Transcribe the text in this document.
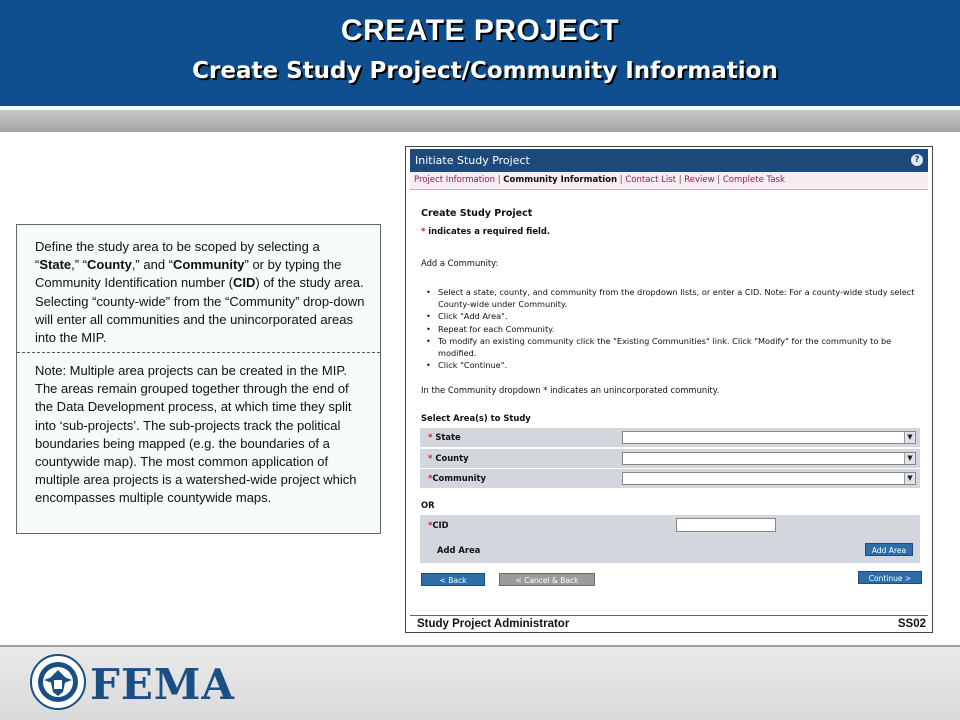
CREATE PROJECT
Create Study Project/Community Information
Define the study area to be scoped by selecting a “State,” “County,” and “Community” or by typing the Community Identification number (CID) of the study area. Selecting “county-wide” from the “Community” drop-down will enter all communities and the unincorporated areas into the MIP.
Note: Multiple area projects can be created in the MIP. The areas remain grouped together through the end of the Data Development process, at which time they split into ‘sub-projects’. The sub-projects track the political boundaries being mapped (e.g. the boundaries of a countywide map). The most common application of multiple area projects is a watershed-wide project which encompasses multiple countywide maps.
Initiate Study Project	?
Project Information | Community Information | Contact List | Review | Complete Task
Create Study Project
* indicates a required field.
Add a Community:
• Select a state, county, and community from the dropdown lists, or enter a CID. Note: For a county-wide study select County-wide under Community.
• Click "Add Area".
• Repeat for each Community.
• To modify an existing community click the "Existing Communities" link. Click "Modify" for the community to be modified.
• Click "Continue".
In the Community dropdown * indicates an unincorporated community.
Select Area(s) to Study
* State	▼
* County	▼
*Community	▼
OR
*CID
Add Area	Add Area
< Back	< Cancel & Back	Continue >
Study Project Administrator	SS02
FEMA
